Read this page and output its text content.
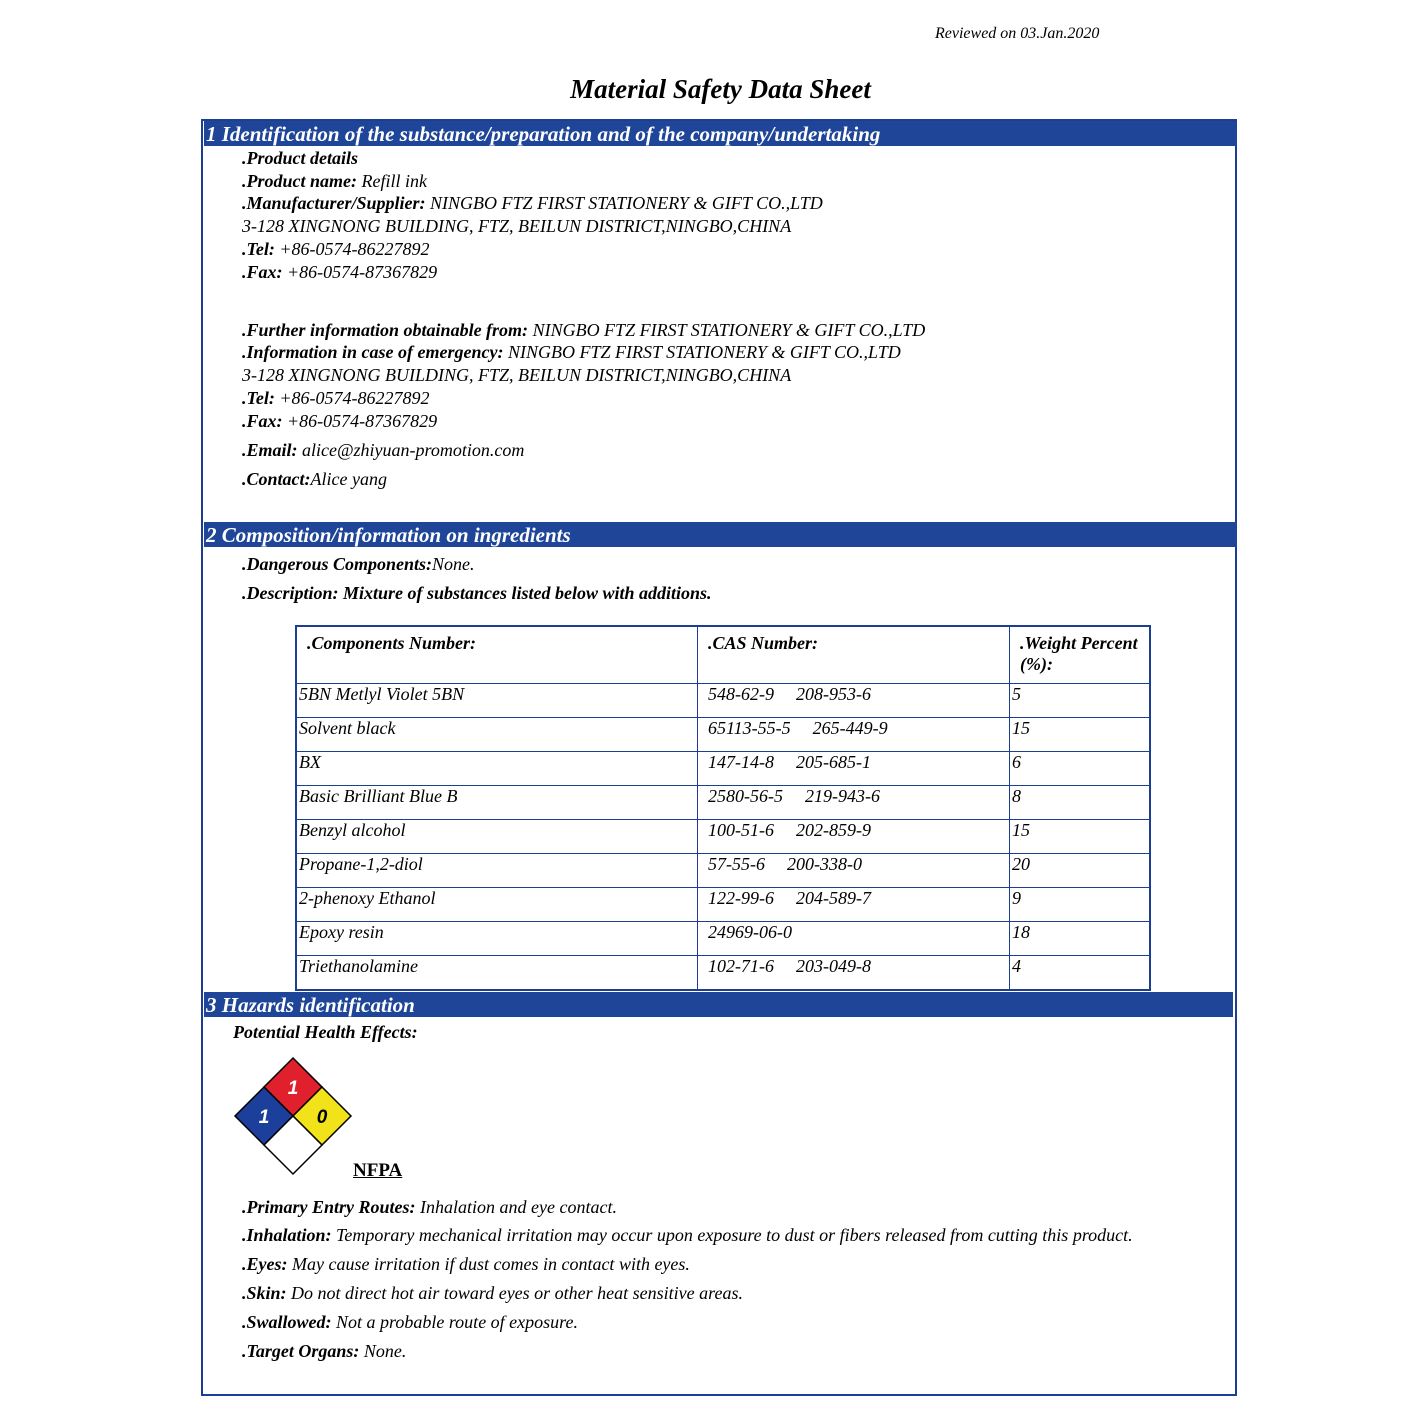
Reviewed on 03.Jan.2020
Material Safety Data Sheet
1 Identification of the substance/preparation and of the company/undertaking
.Product details
.Product name: Refill ink
.Manufacturer/Supplier: NINGBO FTZ FIRST STATIONERY & GIFT CO.,LTD
3-128 XINGNONG BUILDING, FTZ, BEILUN DISTRICT,NINGBO,CHINA
.Tel: +86-0574-86227892
.Fax: +86-0574-87367829
.Further information obtainable from: NINGBO FTZ FIRST STATIONERY & GIFT CO.,LTD
.Information in case of emergency: NINGBO FTZ FIRST STATIONERY & GIFT CO.,LTD
3-128 XINGNONG BUILDING, FTZ, BEILUN DISTRICT,NINGBO,CHINA
.Tel: +86-0574-86227892
.Fax: +86-0574-87367829
.Email: alice@zhiyuan-promotion.com
.Contact:Alice yang
2 Composition/information on ingredients
.Dangerous Components:None.
.Description: Mixture of substances listed below with additions.
.Components Number:	.CAS Number:	.Weight Percent (%):
5BN Metlyl Violet 5BN	548-62-9 208-953-6	5
Solvent black	65113-55-5 265-449-9	15
BX	147-14-8 205-685-1	6
Basic Brilliant Blue B	2580-56-5 219-943-6	8
Benzyl alcohol	100-51-6 202-859-9	15
Propane-1,2-diol	57-55-6 200-338-0	20
2-phenoxy Ethanol	122-99-6 204-589-7	9
Epoxy resin	24969-06-0	18
Triethanolamine	102-71-6 203-049-8	4
3 Hazards identification
Potential Health Effects:
1
1 0
NFPA
.Primary Entry Routes: Inhalation and eye contact.
.Inhalation: Temporary mechanical irritation may occur upon exposure to dust or fibers released from cutting this product.
.Eyes: May cause irritation if dust comes in contact with eyes.
.Skin: Do not direct hot air toward eyes or other heat sensitive areas.
.Swallowed: Not a probable route of exposure.
.Target Organs: None.
